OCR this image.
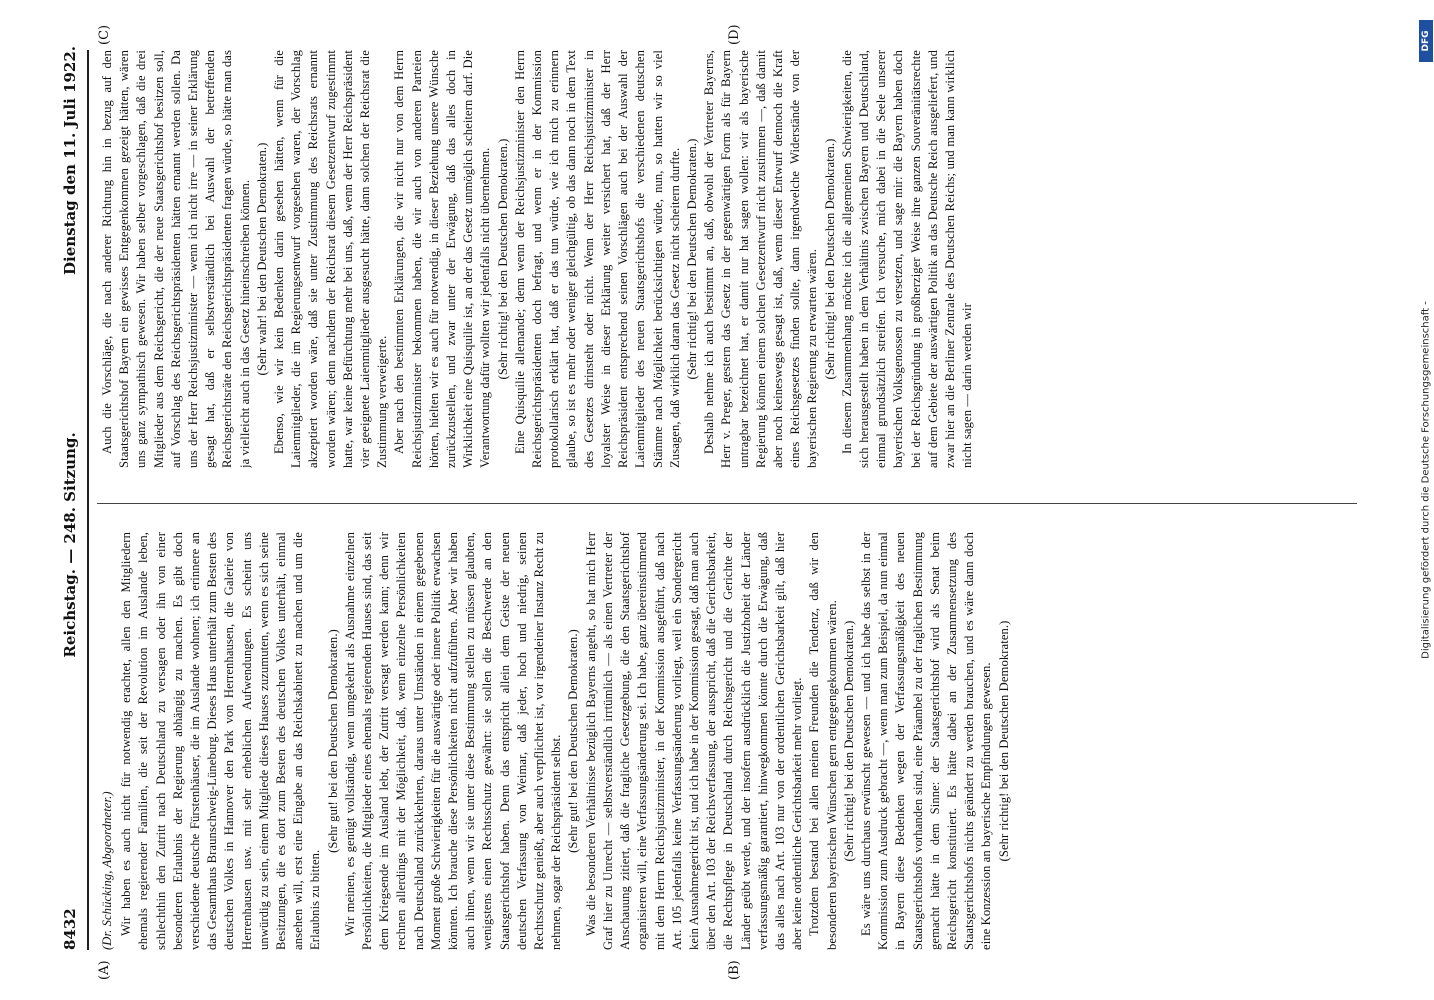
8432                                                Reichstag. — 248. Sitzung.
Dienstag den 11. Juli 1922.
(A)	(B)
(C)	(D)

(Dr. Schücking, Abgeordneter.) Wir haben es auch nicht für notwendig erachtet, allen den Mitgliedern ehemals regierender Familien, die seit der Revolution im Auslande leben, schlechthin den Zutritt nach Deutschland zu versagen oder ihn von einer besonderen Erlaubnis der Regierung abhängig zu machen. Es gibt doch verschiedene deutsche Fürstenhäuser, die im Auslande wohnen; ich erinnere an das Gesamthaus Braunschweig-Lüneburg. Dieses Haus unterhält zum Besten des deutschen Volkes in Hannover den Park von Herrenhausen, die Galerie von Herrenhausen usw. mit sehr erheblichen Aufwendungen. Es scheint uns unwürdig zu sein, einem Mitgliede dieses Hauses zuzumuten, wenn es sich seine Besitzungen, die es dort zum Besten des deutschen Volkes unterhält, einmal ansehen will, erst eine Eingabe an das Reichskabinett zu machen und um die Erlaubnis zu bitten.

(Sehr gut! bei den Deutschen Demokraten.) Wir meinen, es genügt vollständig, wenn umgekehrt als Ausnahme einzelnen Persönlichkeiten, die Mitglieder eines ehemals regierenden Hauses sind, das seit dem Kriegsende im Ausland lebt, der Zutritt versagt werden kann; denn wir rechnen allerdings mit der Möglichkeit, daß, wenn einzelne Persönlichkeiten nach Deutschland zurückkehrten, daraus unter Umständen in einem gegebenen Moment große Schwierigkeiten für die auswärtige oder innere Politik erwachsen könnten. Ich brauche diese Persönlichkeiten nicht aufzuführen. Aber wir haben auch ihnen, wenn wir sie unter diese Bestimmung stellen zu müssen glaubten, wenigstens einen Rechtsschutz gewährt: sie sollen die Beschwerde an den Staatsgerichtshof haben. Denn das entspricht allein dem Geiste der neuen deutschen Verfassung von Weimar, daß jeder, hoch und niedrig, seinen Rechtsschutz genießt, aber auch verpflichtet ist, vor irgendeiner Instanz Recht zu nehmen, sogar der Reichspräsident selbst. (Sehr gut! bei den Deutschen Demokraten.) Was die besonderen Verhältnisse bezüglich Bayerns angeht, so hat mich Herr Graf hier zu Unrecht — selbstverständlich irrtümlich — als einen Vertreter der Anschauung zitiert, daß die fragliche Gesetzgebung, die den Staatsgerichtshof organisieren will, eine Verfassungsänderung sei. Ich habe, ganz übereinstimmend mit dem Herrn Reichsjustizminister, in der Kommission ausgeführt, daß nach Art. 105 jedenfalls keine Verfassungsänderung vorliegt, weil ein Sondergericht kein Ausnahmegericht ist, und ich habe in der Kommission gesagt, daß man auch über den Art. 103 der Reichsverfassung, der ausspricht, daß die Gerichtsbarkeit, die Rechtspflege in Deutschland durch Reichsgericht und die Gerichte der Länder geübt werde, und der insofern ausdrücklich die Justizhoheit der Länder verfassungsmäßig garantiert, hinwegkommen könnte durch die Erwägung, daß das alles nach Art. 103 nur von der ordentlichen Gerichtsbarkeit gilt, daß hier aber keine ordentliche Gerichtsbarkeit mehr vorliegt. Trotzdem bestand bei allen meinen Freunden die Tendenz, daß wir den besonderen bayerischen Wünschen gern entgegengekommen wären. (Sehr richtig! bei den Deutschen Demokraten.) Es wäre uns durchaus erwünscht gewesen — und ich habe das selbst in der Kommission zum Ausdruck gebracht —, wenn man zum Beispiel, da nun einmal in Bayern diese Bedenken wegen der Verfassungsmäßigkeit des neuen Staatsgerichtshofs vorhanden sind, eine Präambel zu der fraglichen Bestimmung gemacht hätte in dem Sinne: der Staatsgerichtshof wird als Senat beim Reichsgericht konstituiert. Es hätte dabei an der Zusammensetzung des Staatsgerichtshofs nichts geändert zu werden brauchen, und es wäre dann doch eine Konzession an bayerische Empfindungen gewesen. (Sehr richtig! bei den Deutschen Demokraten.)

Auch die Vorschläge, die nach anderer Richtung hin in bezug auf den Staatsgerichtshof Bayern ein gewisses Entgegenkommen gezeigt hätten, wären uns ganz sympathisch gewesen. Wir haben selber vorgeschlagen, daß die drei Mitglieder aus dem Reichsgericht, die der neue Staatsgerichtshof besitzen soll, auf Vorschlag des Reichsgerichtspräsidenten hätten ernannt werden sollen. Da uns der Herr Reichsjustizminister — wenn ich nicht irre — in seiner Erklärung gesagt hat, daß er selbstverständlich bei Auswahl der betreffenden Reichsgerichtsräte den Reichsgerichtspräsidenten fragen würde, so hätte man das ja vielleicht auch in das Gesetz hineinschreiben können. (Sehr wahr! bei den Deutschen Demokraten.) Ebenso, wie wir kein Bedenken darin gesehen hätten, wenn für die Laienmitglieder, die im Regierungsentwurf vorgesehen waren, der Vorschlag akzeptiert worden wäre, daß sie unter Zustimmung des Reichsrats ernannt worden wären; denn nachdem der Reichsrat diesem Gesetzentwurf zugestimmt hatte, war keine Befürchtung mehr bei uns, daß, wenn der Herr Reichspräsident vier geeignete Laienmitglieder ausgesucht hätte, dann solchen der Reichsrat die Zustimmung verweigerte. Aber nach den bestimmten Erklärungen, die wir nicht nur von dem Herrn Reichsjustizminister bekommen haben, die wir auch von anderen Parteien hörten, hielten wir es auch für notwendig, in dieser Beziehung unsere Wünsche zurückzustellen, und zwar unter der Erwägung, daß das alles doch in Wirklichkeit eine Quisquilie ist, an der das Gesetz unmöglich scheitern darf. Die Verantwortung dafür wollten wir jedenfalls nicht übernehmen. (Sehr richtig! bei den Deutschen Demokraten.) Eine Quisquilie allemande; denn wenn der Reichsjustizminister den Herrn Reichsgerichtspräsidenten doch befragt, und wenn er in der Kommission protokollarisch erklärt hat, daß er das tun würde, wie ich mich zu erinnern glaube, so ist es mehr oder weniger gleichgültig, ob das dann noch in dem Text des Gesetzes drinsteht oder nicht. Wenn der Herr Reichsjustizminister in loyalster Weise in dieser Erklärung weiter versichert hat, daß der Herr Reichspräsident entsprechend seinen Vorschlägen auch bei der Auswahl der Laienmitglieder des neuen Staatsgerichtshofs die verschiedenen deutschen Stämme nach Möglichkeit berücksichtigen würde, nun, so hatten wir so viel Zusagen, daß wirklich daran das Gesetz nicht scheitern durfte. (Sehr richtig! bei den Deutschen Demokraten.) Deshalb nehme ich auch bestimmt an, daß, obwohl der Vertreter Bayerns, Herr v. Preger, gestern das Gesetz in der gegenwärtigen Form als für Bayern untragbar bezeichnet hat, er damit nur hat sagen wollen: wir als bayerische Regierung können einem solchen Gesetzentwurf nicht zustimmen —, daß damit aber noch keineswegs gesagt ist, daß, wenn dieser Entwurf dennoch die Kraft eines Reichsgesetzes finden sollte, dann irgendwelche Widerstände von der bayerischen Regierung zu erwarten wären. (Sehr richtig! bei den Deutschen Demokraten.) In diesem Zusammenhang möchte ich die allgemeinen Schwierigkeiten, die sich herausgestellt haben in dem Verhältnis zwischen Bayern und Deutschland, einmal grundsätzlich streifen. Ich versuche, mich dabei in die Seele unserer bayerischen Volksgenossen zu versetzen, und sage mir: die Bayern haben doch bei der Reichsgründung in großherziger Weise ihre ganzen Souveränitätsrechte auf dem Gebiete der auswärtigen Politik an das Deutsche Reich ausgeliefert, und zwar hier an die Berliner Zentrale des Deutschen Reichs; und man kann wirklich nicht sagen — darin werden wir

DFG
Digitalisierung gefördert durch die Deutsche Forschungsgemeinschaft -
